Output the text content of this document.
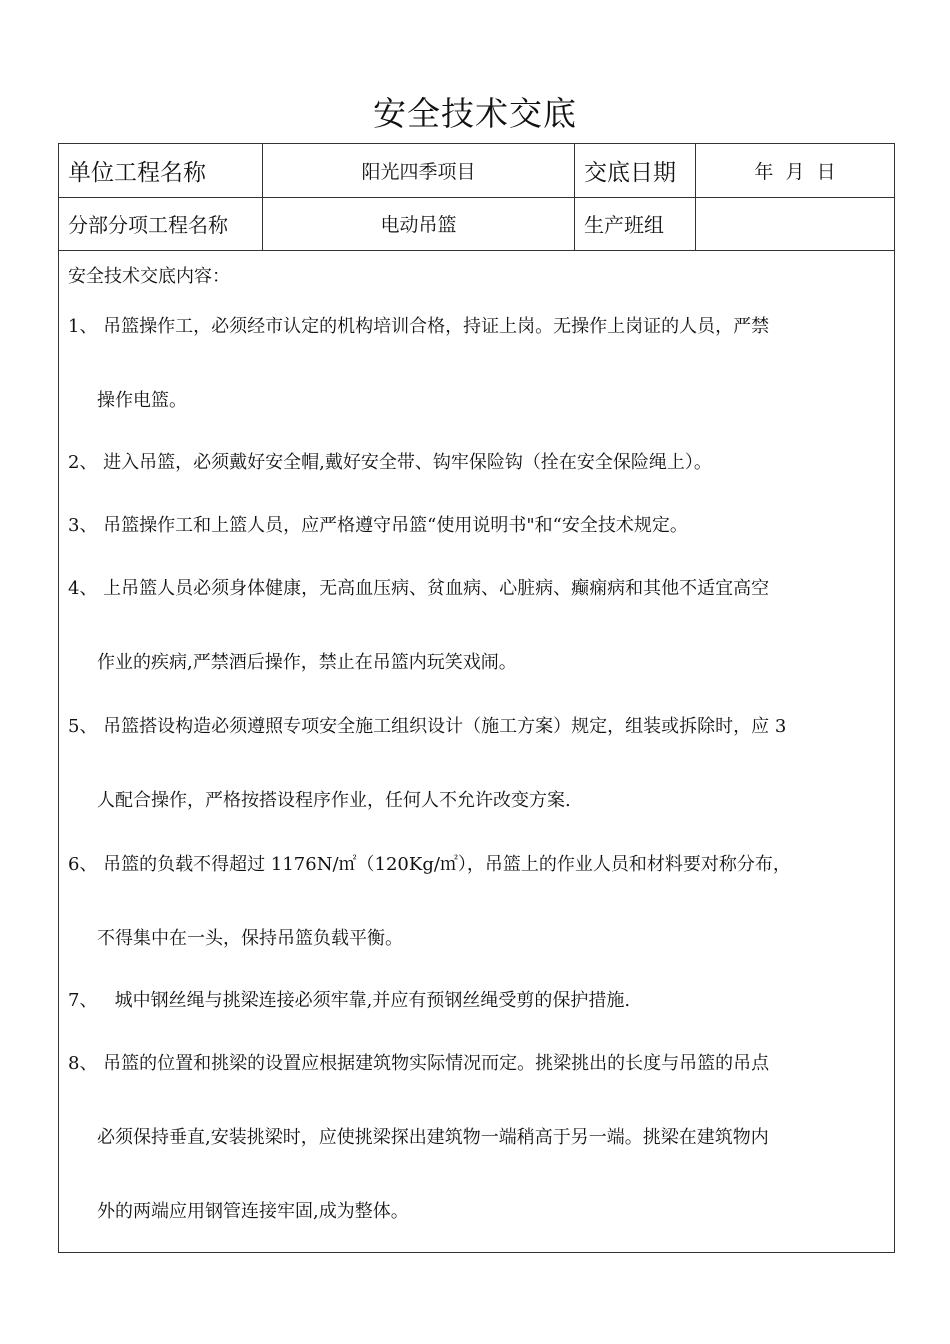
安全技术交底
单位工程名称	阳光四季项目	交底日期	年  月  日
分部分项工程名称	电动吊篮	生产班组
安全技术交底内容：
1、 吊篮操作工，必须经市认定的机构培训合格，持证上岗。无操作上岗证的人员，严禁
操作电篮。
2、 进入吊篮，必须戴好安全帽,戴好安全带、钩牢保险钩（拴在安全保险绳上）。
3、 吊篮操作工和上篮人员，应严格遵守吊篮“使用说明书"和“安全技术规定。
4、 上吊篮人员必须身体健康，无高血压病、贫血病、心脏病、癫痫病和其他不适宜高空
作业的疾病,严禁酒后操作，禁止在吊篮内玩笑戏闹。
5、 吊篮搭设构造必须遵照专项安全施工组织设计（施工方案）规定，组装或拆除时，应 3
人配合操作，严格按搭设程序作业，任何人不允许改变方案.
6、 吊篮的负载不得超过 1176N/㎡（120Kg/㎡），吊篮上的作业人员和材料要对称分布，
不得集中在一头，保持吊篮负载平衡。
7、   城中钢丝绳与挑梁连接必须牢靠,并应有预钢丝绳受剪的保护措施.
8、 吊篮的位置和挑梁的设置应根据建筑物实际情况而定。挑梁挑出的长度与吊篮的吊点
必须保持垂直,安装挑梁时，应使挑梁探出建筑物一端稍高于另一端。挑梁在建筑物内
外的两端应用钢管连接牢固,成为整体。
